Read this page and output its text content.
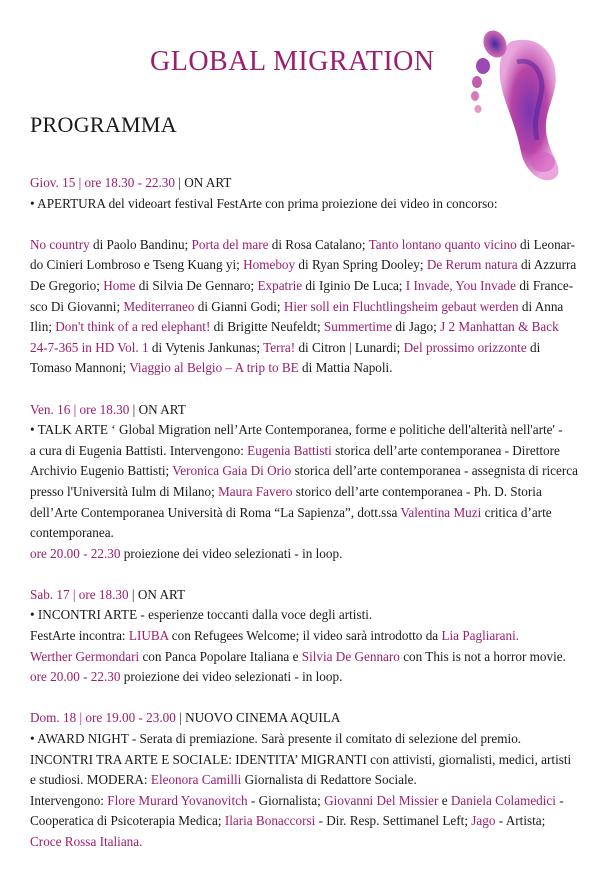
GLOBAL MIGRATION
PROGRAMMA

Giov. 15 | ore 18.30 - 22.30 | ON ART

• APERTURA del videoart festival FestArte con prima proiezione dei video in concorso:

No country di Paolo Bandinu; Porta del mare di Rosa Catalano; Tanto lontano quanto vicino di Leonar-

do Cinieri Lombroso e Tseng Kuang yi; Homeboy di Ryan Spring Dooley; De Rerum natura di Azzurra

De Gregorio; Home di Silvia De Gennaro; Expatrie di Iginio De Luca; I Invade, You Invade di France-

sco Di Giovanni; Mediterraneo di Gianni Godi; Hier soll ein Fluchtlingsheim gebaut werden di Anna

Ilin; Don't think of a red elephant! di Brigitte Neufeldt; Summertime di Jago; J 2 Manhattan & Back

24-7-365 in HD Vol. 1 di Vytenis Jankunas; Terra! di Citron | Lunardi; Del prossimo orizzonte di

Tomaso Mannoni; Viaggio al Belgio – A trip to BE di Mattia Napoli.

Ven. 16 | ore 18.30 | ON ART

• TALK ARTE ‘ Global Migration nell’Arte Contemporanea, forme e politiche dell'alterità nell'arte' -

a cura di Eugenia Battisti. Intervengono: Eugenia Battisti storica dell’arte contemporanea - Direttore

Archivio Eugenio Battisti; Veronica Gaia Di Orio storica dell’arte contemporanea - assegnista di ricerca

presso l'Università Iulm di Milano; Maura Favero storico dell’arte contemporanea - Ph. D. Storia

dell’Arte Contemporanea Università di Roma “La Sapienza”, dott.ssa Valentina Muzi critica d’arte

contemporanea.

ore 20.00 - 22.30 proiezione dei video selezionati - in loop.

Sab. 17 | ore 18.30 | ON ART

• INCONTRI ARTE - esperienze toccanti dalla voce degli artisti.

FestArte incontra: LIUBA con Refugees Welcome; il video sarà introdotto da Lia Pagliarani.

Werther Germondari con Panca Popolare Italiana e Silvia De Gennaro con This is not a horror movie.

ore 20.00 - 22.30 proiezione dei video selezionati - in loop.

Dom. 18 | ore 19.00 - 23.00 | NUOVO CINEMA AQUILA

• AWARD NIGHT - Serata di premiazione. Sarà presente il comitato di selezione del premio.

INCONTRI TRA ARTE E SOCIALE: IDENTITA’ MIGRANTI con attivisti, giornalisti, medici, artisti

e studiosi. MODERA: Eleonora Camilli Giornalista di Redattore Sociale.

Intervengono: Flore Murard Yovanovitch - Giornalista; Giovanni Del Missier e Daniela Colamedici -

Cooperatica di Psicoterapia Medica; Ilaria Bonaccorsi - Dir. Resp. Settimanel Left; Jago - Artista;

Croce Rossa Italiana.
